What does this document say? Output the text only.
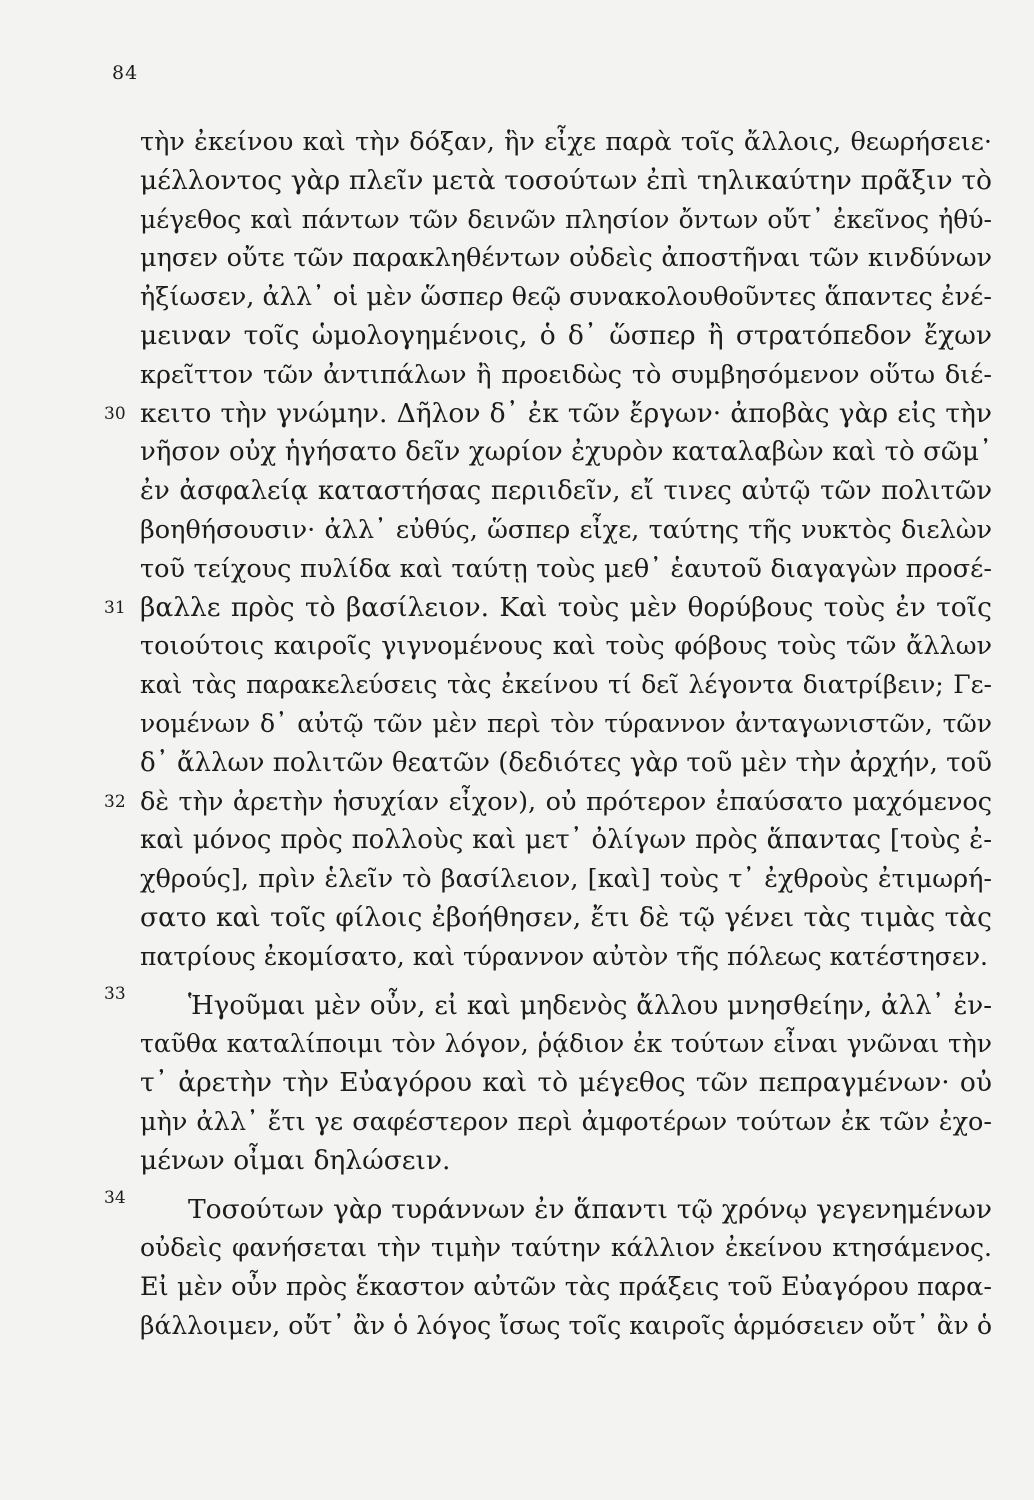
84
τὴν ἐκείνου καὶ τὴν δόξαν, ἣν εἶχε παρὰ τοῖς ἄλλοις, θεωρήσειε·
μέλλοντος γὰρ πλεῖν μετὰ τοσούτων ἐπὶ τηλικαύτην πρᾶξιν τὸ
μέγεθος καὶ πάντων τῶν δεινῶν πλησίον ὄντων οὔτ᾽ ἐκεῖνος ἠθύ-
μησεν οὔτε τῶν παρακληθέντων οὐδεὶς ἀποστῆναι τῶν κινδύνων
ἠξίωσεν, ἀλλ᾽ οἱ μὲν ὥσπερ θεῷ συνακολουθοῦντες ἅπαντες ἐνέ-
μειναν τοῖς ὡμολογημένοις, ὁ δ᾽ ὥσπερ ἢ στρατόπεδον ἔχων
κρεῖττον τῶν ἀντιπάλων ἢ προειδὼς τὸ συμβησόμενον οὕτω διέ-
κειτο τὴν γνώμην. Δῆλον δ᾽ ἐκ τῶν ἔργων· ἀποβὰς γὰρ εἰς τὴν
30
νῆσον οὐχ ἡγήσατο δεῖν χωρίον ἐχυρὸν καταλαβὼν καὶ τὸ σῶμ᾽
ἐν ἀσφαλείᾳ καταστήσας περιιδεῖν, εἴ τινες αὐτῷ τῶν πολιτῶν
βοηθήσουσιν· ἀλλ᾽ εὐθύς, ὥσπερ εἶχε, ταύτης τῆς νυκτὸς διελὼν
τοῦ τείχους πυλίδα καὶ ταύτῃ τοὺς μεθ᾽ ἑαυτοῦ διαγαγὼν προσέ-
βαλλε πρὸς τὸ βασίλειον. Καὶ τοὺς μὲν θορύβους τοὺς ἐν τοῖς
31
τοιούτοις καιροῖς γιγνομένους καὶ τοὺς φόβους τοὺς τῶν ἄλλων
καὶ τὰς παρακελεύσεις τὰς ἐκείνου τί δεῖ λέγοντα διατρίβειν; Γε-
νομένων δ᾽ αὐτῷ τῶν μὲν περὶ τὸν τύραννον ἀνταγωνιστῶν, τῶν
δ᾽ ἄλλων πολιτῶν θεατῶν (δεδιότες γὰρ τοῦ μὲν τὴν ἀρχήν, τοῦ
δὲ τὴν ἀρετὴν ἡσυχίαν εἶχον), οὐ πρότερον ἐπαύσατο μαχόμενος
32
καὶ μόνος πρὸς πολλοὺς καὶ μετ᾽ ὀλίγων πρὸς ἅπαντας [τοὺς ἐ-
χθρούς], πρὶν ἑλεῖν τὸ βασίλειον, [καὶ] τοὺς τ᾽ ἐχθροὺς ἐτιμωρή-
σατο καὶ τοῖς φίλοις ἐβοήθησεν, ἔτι δὲ τῷ γένει τὰς τιμὰς τὰς
πατρίους ἐκομίσατο, καὶ τύραννον αὐτὸν τῆς πόλεως κατέστησεν.
Ἡγοῦμαι μὲν οὖν, εἰ καὶ μηδενὸς ἄλλου μνησθείην, ἀλλ᾽ ἐν-
33
ταῦθα καταλίποιμι τὸν λόγον, ῥᾴδιον ἐκ τούτων εἶναι γνῶναι τὴν
τ᾽ ἀρετὴν τὴν Εὐαγόρου καὶ τὸ μέγεθος τῶν πεπραγμένων· οὐ
μὴν ἀλλ᾽ ἔτι γε σαφέστερον περὶ ἀμφοτέρων τούτων ἐκ τῶν ἐχο-
μένων οἶμαι δηλώσειν.
Τοσούτων γὰρ τυράννων ἐν ἅπαντι τῷ χρόνῳ γεγενημένων
34
οὐδεὶς φανήσεται τὴν τιμὴν ταύτην κάλλιον ἐκείνου κτησάμενος.
Εἰ μὲν οὖν πρὸς ἕκαστον αὐτῶν τὰς πράξεις τοῦ Εὐαγόρου παρα-
βάλλοιμεν, οὔτ᾽ ἂν ὁ λόγος ἴσως τοῖς καιροῖς ἁρμόσειεν οὔτ᾽ ἂν ὁ
